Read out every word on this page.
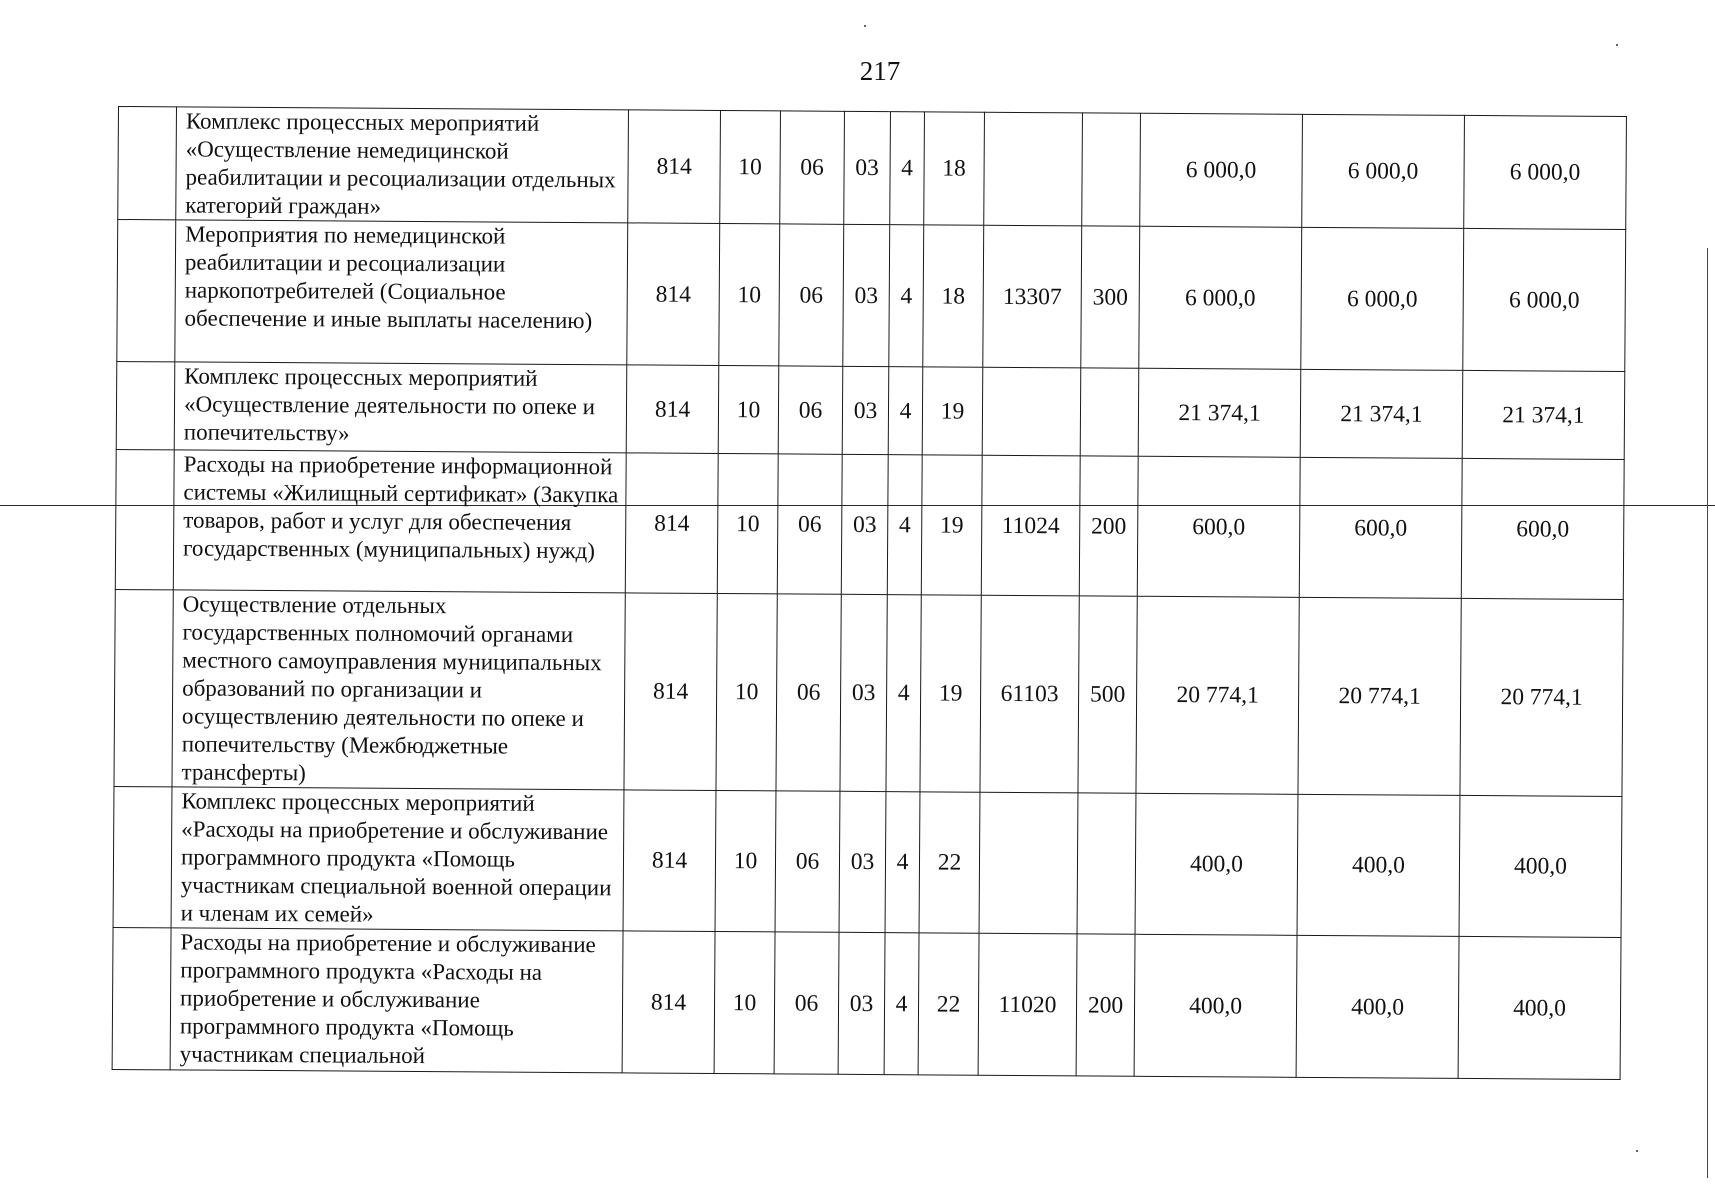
217
	Комплекс процессных мероприятий «Осуществление немедицинской реабилитации и ресоциализации отдельных категорий граждан»	814	10	06	03	4	18			6 000,0	6 000,0	6 000,0
	Мероприятия по немедицинской реабилитации и ресоциализации наркопотребителей (Социальное обеспечение и иные выплаты населению)	814	10	06	03	4	18	13307	300	6 000,0	6 000,0	6 000,0
	Комплекс процессных мероприятий «Осуществление деятельности по опеке и попечительству»	814	10	06	03	4	19			21 374,1	21 374,1	21 374,1
	Расходы на приобретение информационной системы «Жилищный сертификат» (Закупка товаров, работ и услуг для обеспечения государственных (муниципальных) нужд)	814	10	06	03	4	19	11024	200	600,0	600,0	600,0
	Осуществление отдельных государственных полномочий органами местного самоуправления муниципальных образований по организации и осуществлению деятельности по опеке и попечительству (Межбюджетные трансферты)	814	10	06	03	4	19	61103	500	20 774,1	20 774,1	20 774,1
	Комплекс процессных мероприятий «Расходы на приобретение и обслуживание программного продукта «Помощь участникам специальной военной операции и членам их семей»	814	10	06	03	4	22			400,0	400,0	400,0
	Расходы на приобретение и обслуживание программного продукта «Расходы на приобретение и обслуживание программного продукта «Помощь участникам специальной	814	10	06	03	4	22	11020	200	400,0	400,0	400,0
